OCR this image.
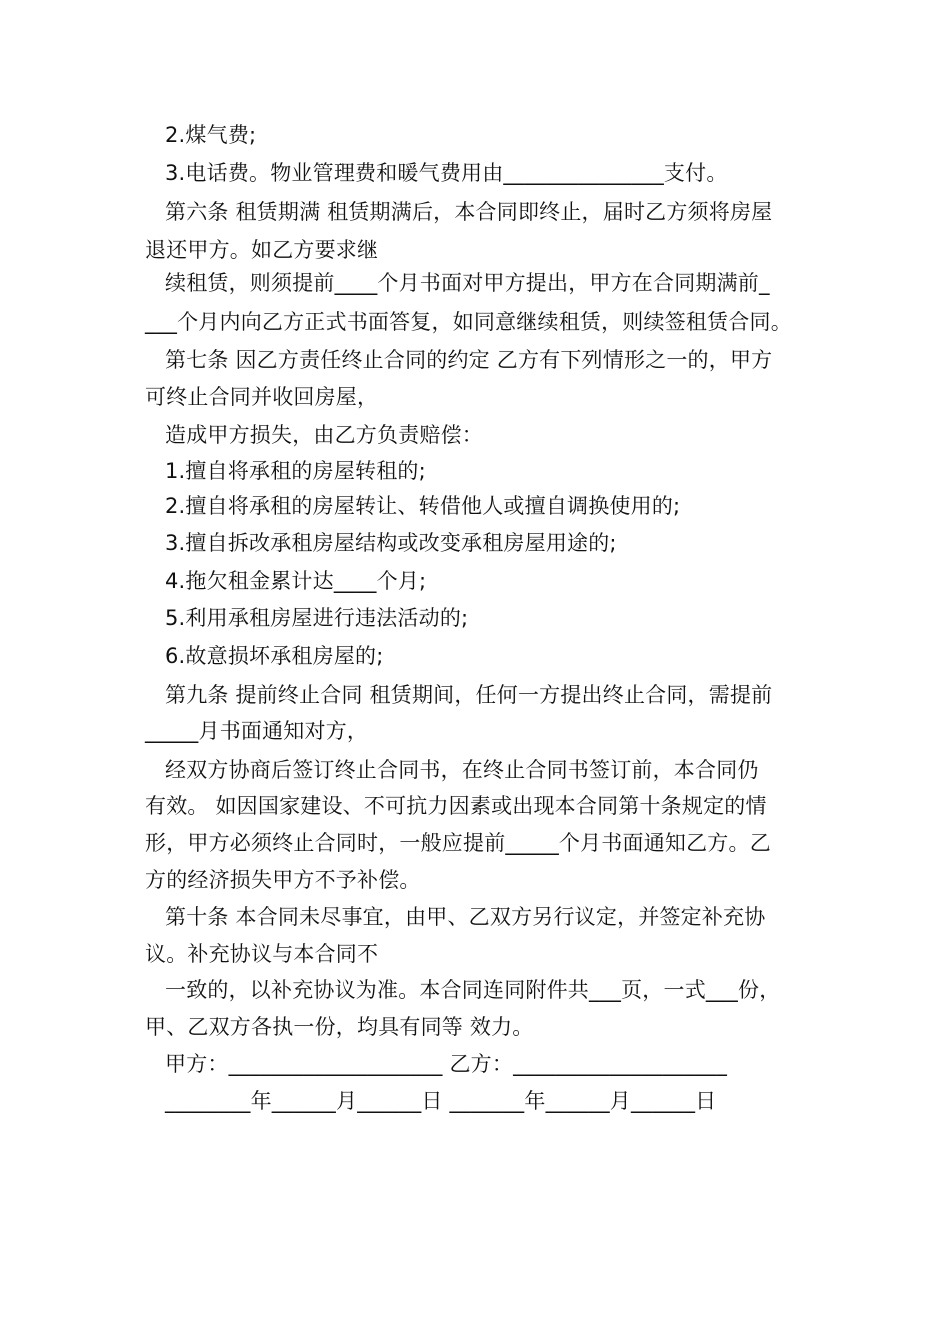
2.煤气费;
3.电话费。物业管理费和暖气费用由_______________支付。
第六条 租赁期满 租赁期满后，本合同即终止，届时乙方须将房屋
退还甲方。如乙方要求继
续租赁，则须提前____个月书面对甲方提出，甲方在合同期满前_
___个月内向乙方正式书面答复，如同意继续租赁，则续签租赁合同。
第七条 因乙方责任终止合同的约定 乙方有下列情形之一的，甲方
可终止合同并收回房屋，
造成甲方损失，由乙方负责赔偿：
1.擅自将承租的房屋转租的;
2.擅自将承租的房屋转让、转借他人或擅自调换使用的;
3.擅自拆改承租房屋结构或改变承租房屋用途的;
4.拖欠租金累计达____个月;
5.利用承租房屋进行违法活动的;
6.故意损坏承租房屋的;
第九条 提前终止合同 租赁期间，任何一方提出终止合同，需提前
_____月书面通知对方，
经双方协商后签订终止合同书，在终止合同书签订前，本合同仍
有效。 如因国家建设、不可抗力因素或出现本合同第十条规定的情
形，甲方必须终止合同时，一般应提前_____个月书面通知乙方。乙
方的经济损失甲方不予补偿。
第十条 本合同未尽事宜，由甲、乙双方另行议定，并签定补充协
议。补充协议与本合同不
一致的，以补充协议为准。本合同连同附件共___页，一式___份，
甲、乙双方各执一份，均具有同等 效力。
甲方：____________________ 乙方：____________________
________年______月______日 _______年______月______日
